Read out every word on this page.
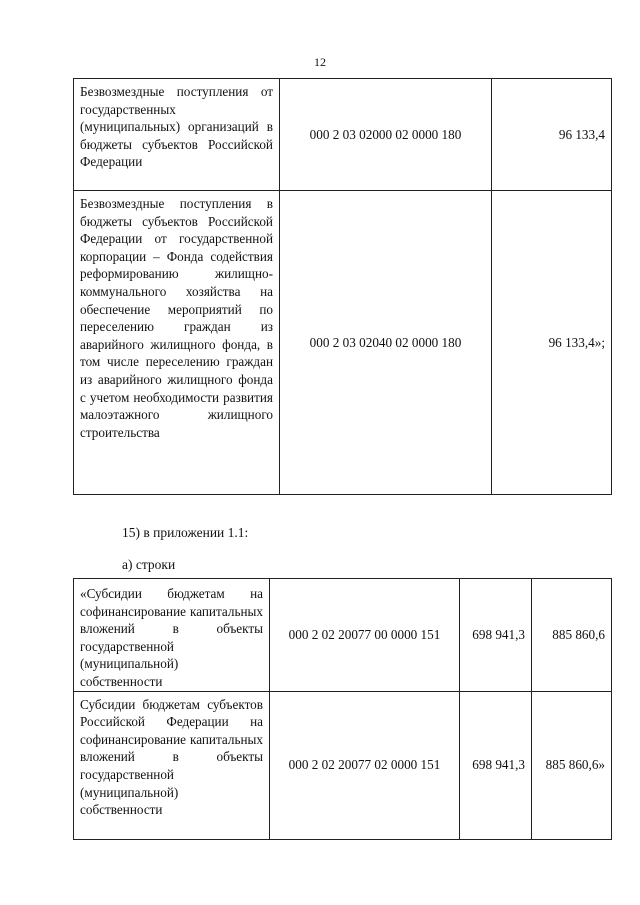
12
Безвозмездные поступления от государственных (муниципальных) организаций в бюджеты субъектов Российской Федерации	000 2 03 02000 02 0000 180	96 133,4

Безвозмездные поступления в бюджеты субъектов Российской Федерации от государственной корпорации – Фонда содействия реформированию жилищно-коммунального хозяйства на обеспечение мероприятий по переселению граждан из аварийного жилищного фонда, в том числе переселению граждан из аварийного жилищного фонда с учетом необходимости развития малоэтажного жилищного строительства	000 2 03 02040 02 0000 180	96 133,4»;
15) в приложении 1.1:
а) строки
«Субсидии бюджетам на софинансирование капитальных вложений в объекты государственной (муниципальной) собственности	000 2 02 20077 00 0000 151	698 941,3	885 860,6

Субсидии бюджетам субъектов Российской Федерации на софинансирование капитальных вложений в объекты государственной (муниципальной) собственности	000 2 02 20077 02 0000 151	698 941,3	885 860,6»
